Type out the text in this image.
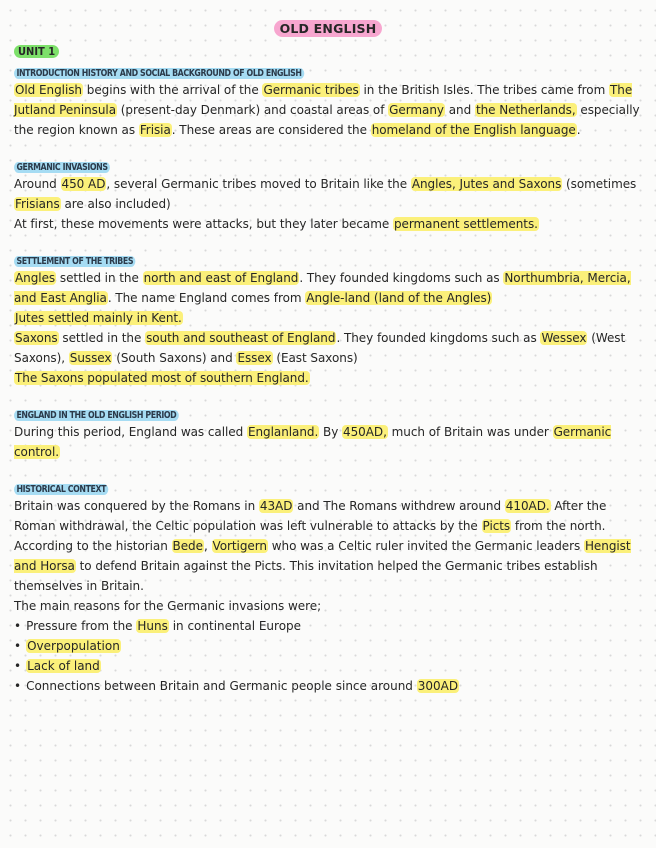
OLD ENGLISH
UNIT 1
INTRODUCTION HISTORY AND SOCIAL BACKGROUND OF OLD ENGLISH

Old English begins with the arrival of the Germanic tribes in the British Isles. The tribes came from The Jutland Peninsula (present-day Denmark) and coastal areas of Germany and the Netherlands, especially the region known as Frisia. These areas are considered the homeland of the English language.

GERMANIC INVASIONS

Around 450 AD, several Germanic tribes moved to Britain like the Angles, Jutes and Saxons (sometimes Frisians are also included)

At first, these movements were attacks, but they later became permanent settlements.

SETTLEMENT OF THE TRIBES

Angles settled in the north and east of England. They founded kingdoms such as Northumbria, Mercia, and East Anglia. The name England comes from Angle-land (land of the Angles)

Jutes settled mainly in Kent.

Saxons settled in the south and southeast of England. They founded kingdoms such as Wessex (West Saxons), Sussex (South Saxons) and Essex (East Saxons)

The Saxons populated most of southern England.

ENGLAND IN THE OLD ENGLISH PERIOD

During this period, England was called Englanland. By 450AD, much of Britain was under Germanic control.

HISTORICAL CONTEXT

Britain was conquered by the Romans in 43AD and The Romans withdrew around 410AD. After the Roman withdrawal, the Celtic population was left vulnerable to attacks by the Picts from the north.

According to the historian Bede, Vortigern who was a Celtic ruler invited the Germanic leaders Hengist and Horsa to defend Britain against the Picts. This invitation helped the Germanic tribes establish themselves in Britain.

The main reasons for the Germanic invasions were;

• Pressure from the Huns in continental Europe
• Overpopulation
• Lack of land
• Connections between Britain and Germanic people since around 300AD
